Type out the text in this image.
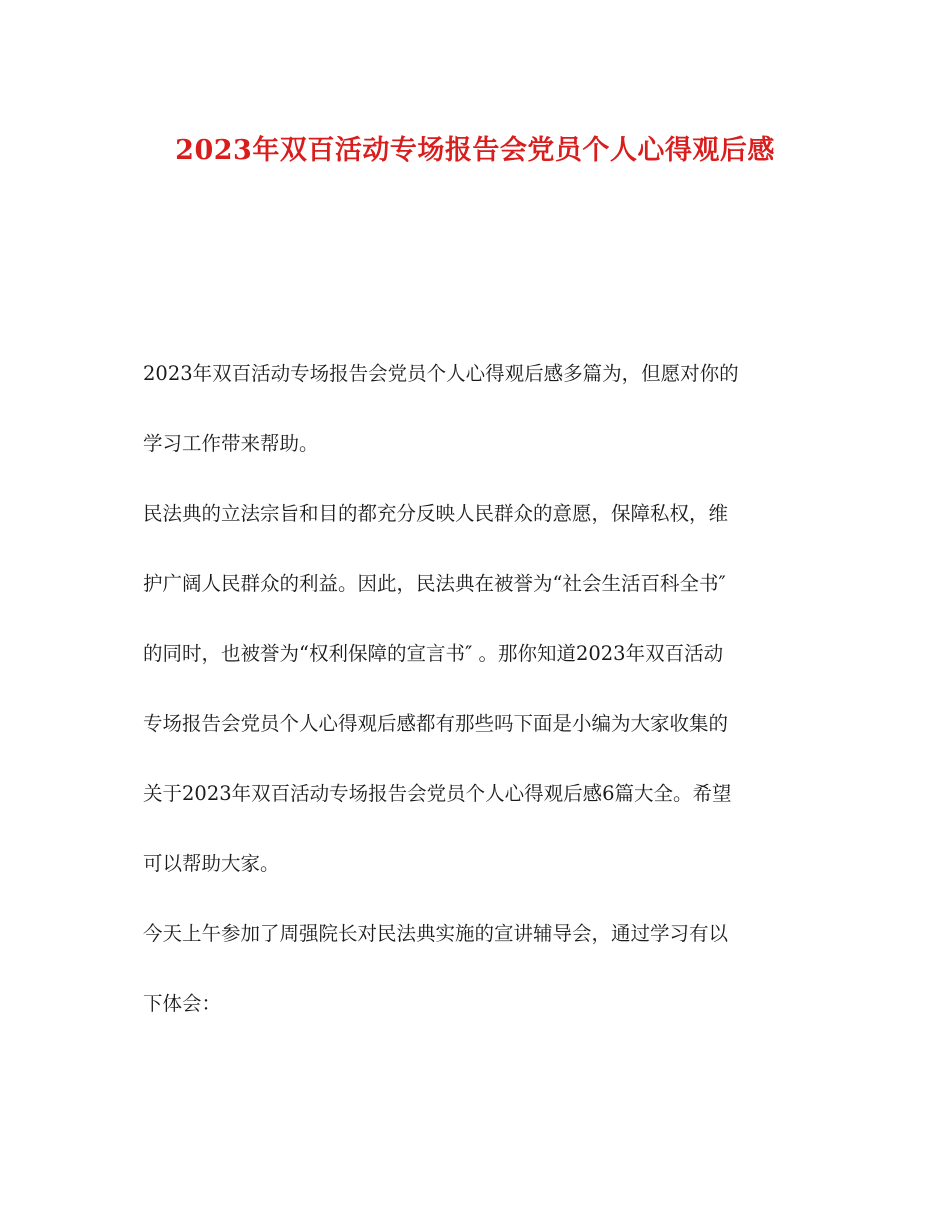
2023年双百活动专场报告会党员个人心得观后感
2023年双百活动专场报告会党员个人心得观后感多篇为，但愿对你的
学习工作带来帮助。
民法典的立法宗旨和目的都充分反映人民群众的意愿，保障私权，维
护广阔人民群众的利益。因此，民法典在被誉为“社会生活百科全书″
的同时，也被誉为“权利保障的宣言书″ 。那你知道2023年双百活动
专场报告会党员个人心得观后感都有那些吗下面是小编为大家收集的
关于2023年双百活动专场报告会党员个人心得观后感6篇大全。希望
可以帮助大家。
今天上午参加了周强院长对民法典实施的宣讲辅导会，通过学习有以
下体会：
